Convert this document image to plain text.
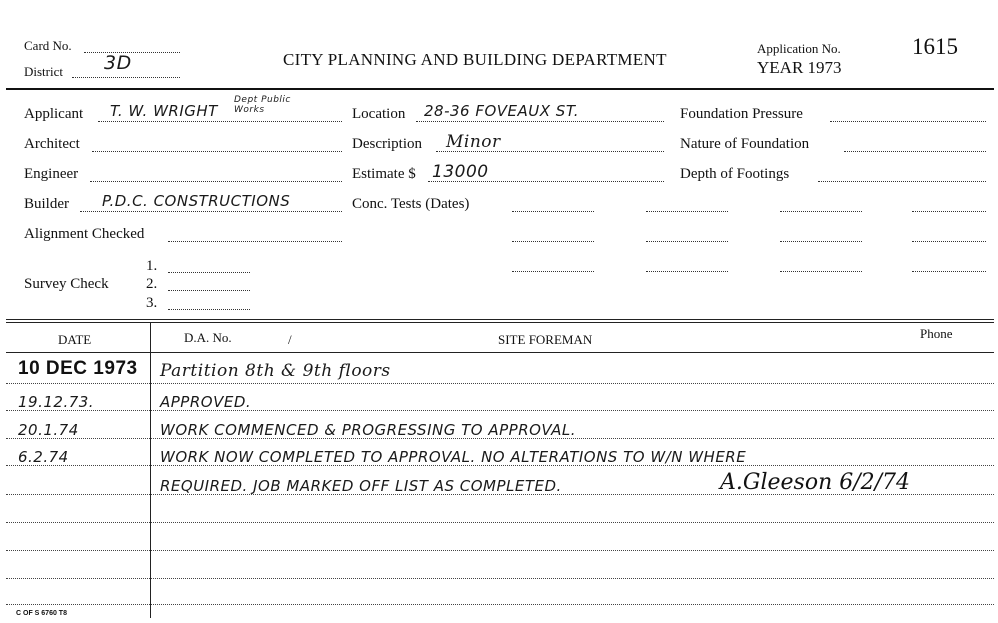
Card No.
District 3D	CITY PLANNING AND BUILDING DEPARTMENT
Application No.
YEAR 1973
1615
Applicant T. W. WRIGHT
Dept Public Works
Architect
Engineer
Builder P.D.C. CONSTRUCTIONS
Alignment Checked
Survey Check
1.
2.
3.
Location 28-36 FOVEAUX ST.
Description Minor
Estimate $ 13000
Conc. Tests (Dates)
Foundation Pressure
Nature of Foundation
Depth of Footings
DATE	D.A. No.	/	SITE FOREMAN	Phone
10 DEC 1973 Partition 8th & 9th floors
19.12.73.	APPROVED.
20.1.74	WORK COMMENCED & PROGRESSING TO APPROVAL.
6.2.74	WORK NOW COMPLETED TO APPROVAL. NO ALTERATIONS TO W/N WHERE
REQUIRED. JOB MARKED OFF LIST AS COMPLETED.	A.Gleeson 6/2/74
C OF S 6760 T8
